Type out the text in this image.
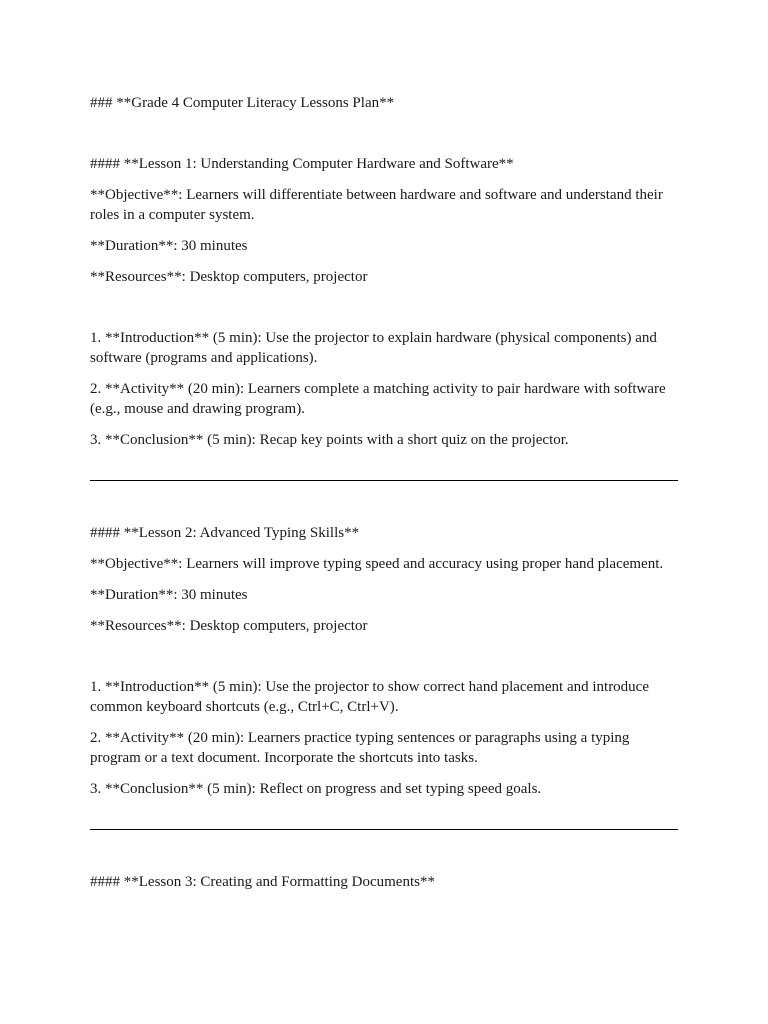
### **Grade 4 Computer Literacy Lessons Plan**

#### **Lesson 1: Understanding Computer Hardware and Software**

**Objective**: Learners will differentiate between hardware and software and understand their roles in a computer system.

**Duration**: 30 minutes

**Resources**: Desktop computers, projector

1. **Introduction** (5 min): Use the projector to explain hardware (physical components) and software (programs and applications).

2. **Activity** (20 min): Learners complete a matching activity to pair hardware with software (e.g., mouse and drawing program).

3. **Conclusion** (5 min): Recap key points with a short quiz on the projector.

#### **Lesson 2: Advanced Typing Skills**

**Objective**: Learners will improve typing speed and accuracy using proper hand placement.

**Duration**: 30 minutes

**Resources**: Desktop computers, projector

1. **Introduction** (5 min): Use the projector to show correct hand placement and introduce common keyboard shortcuts (e.g., Ctrl+C, Ctrl+V).

2. **Activity** (20 min): Learners practice typing sentences or paragraphs using a typing program or a text document. Incorporate the shortcuts into tasks.

3. **Conclusion** (5 min): Reflect on progress and set typing speed goals.

#### **Lesson 3: Creating and Formatting Documents**
